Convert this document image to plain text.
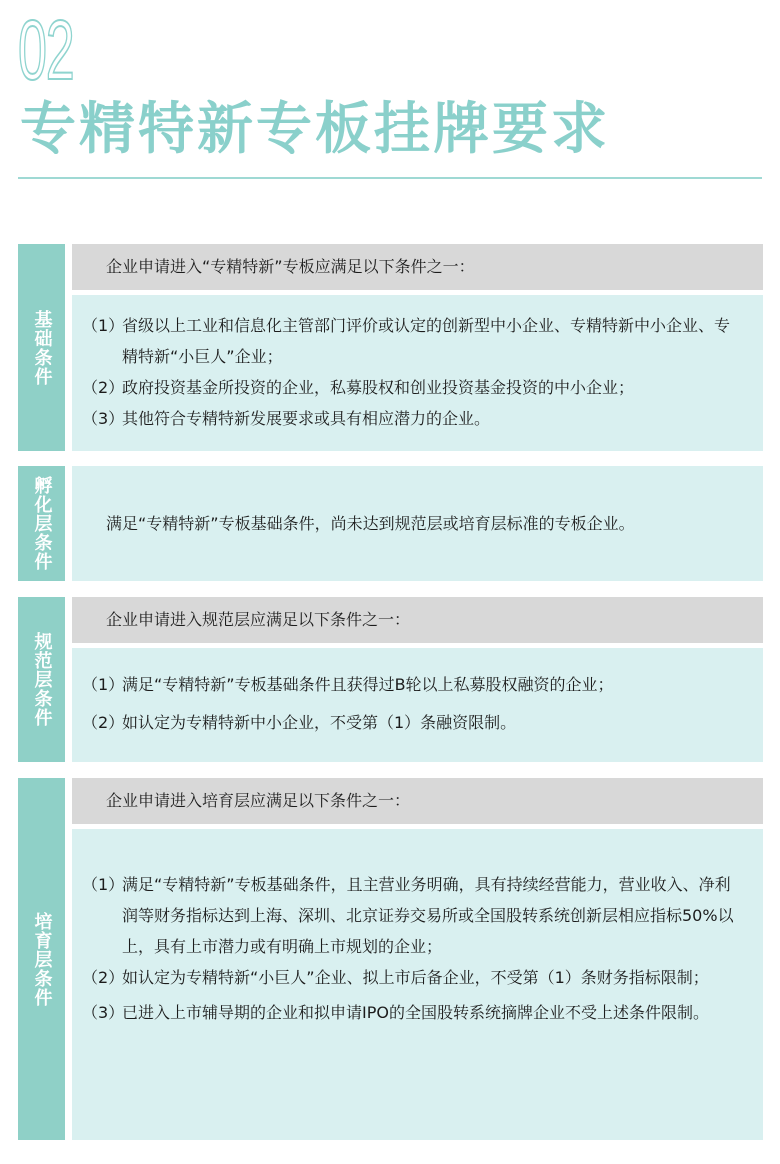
02
专精特新专板挂牌要求
基础条件
企业申请进入“专精特新”专板应满足以下条件之一：
（1）
省级以上工业和信息化主管部门评价或认定的创新型中小企业、专精特新中小企业、专精特新“小巨人”企业；
（2）
政府投资基金所投资的企业，私募股权和创业投资基金投资的中小企业；
（3）
其他符合专精特新发展要求或具有相应潜力的企业。
孵化层条件	满足“专精特新”专板基础条件，尚未达到规范层或培育层标准的专板企业。
规范层条件
企业申请进入规范层应满足以下条件之一：
（1）
满足“专精特新”专板基础条件且获得过B轮以上私募股权融资的企业；
（2）
如认定为专精特新中小企业，不受第（1）条融资限制。
培育层条件
企业申请进入培育层应满足以下条件之一：
（1）
满足“专精特新”专板基础条件，且主营业务明确，具有持续经营能力，营业收入、净利润等财务指标达到上海、深圳、北京证券交易所或全国股转系统创新层相应指标50%以上，具有上市潜力或有明确上市规划的企业；
（2）
如认定为专精特新“小巨人”企业、拟上市后备企业，不受第（1）条财务指标限制；
（3）
已进入上市辅导期的企业和拟申请IPO的全国股转系统摘牌企业不受上述条件限制。
